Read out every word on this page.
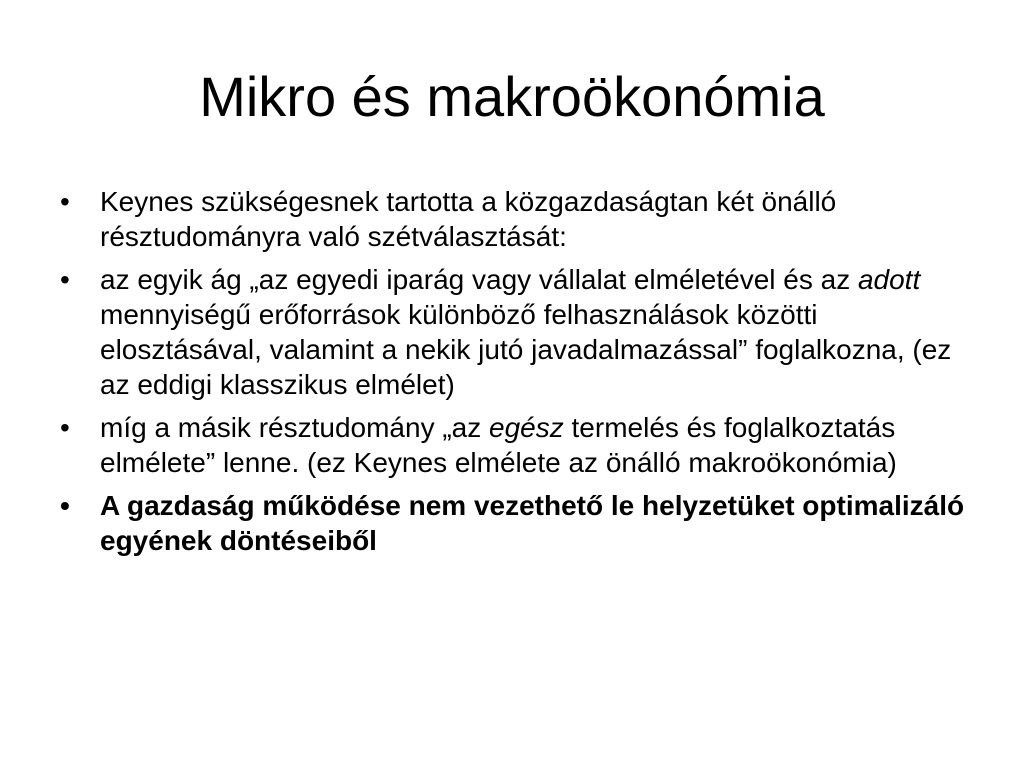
Mikro és makroökonómia
•	Keynes szükségesnek tartotta a közgazdaságtan két önálló résztudományra való szétválasztását:
•	az egyik ág „az egyedi iparág vagy vállalat elméletével és az adott mennyiségű erőforrások különböző felhasználások közötti elosztásával, valamint a nekik jutó javadalmazással” foglalkozna, (ez az eddigi klasszikus elmélet)
•	míg a másik résztudomány „az egész termelés és foglalkoztatás elmélete” lenne. (ez Keynes elmélete az önálló makroökonómia)
•	A gazdaság működése nem vezethető le helyzetüket optimalizáló egyének döntéseiből
